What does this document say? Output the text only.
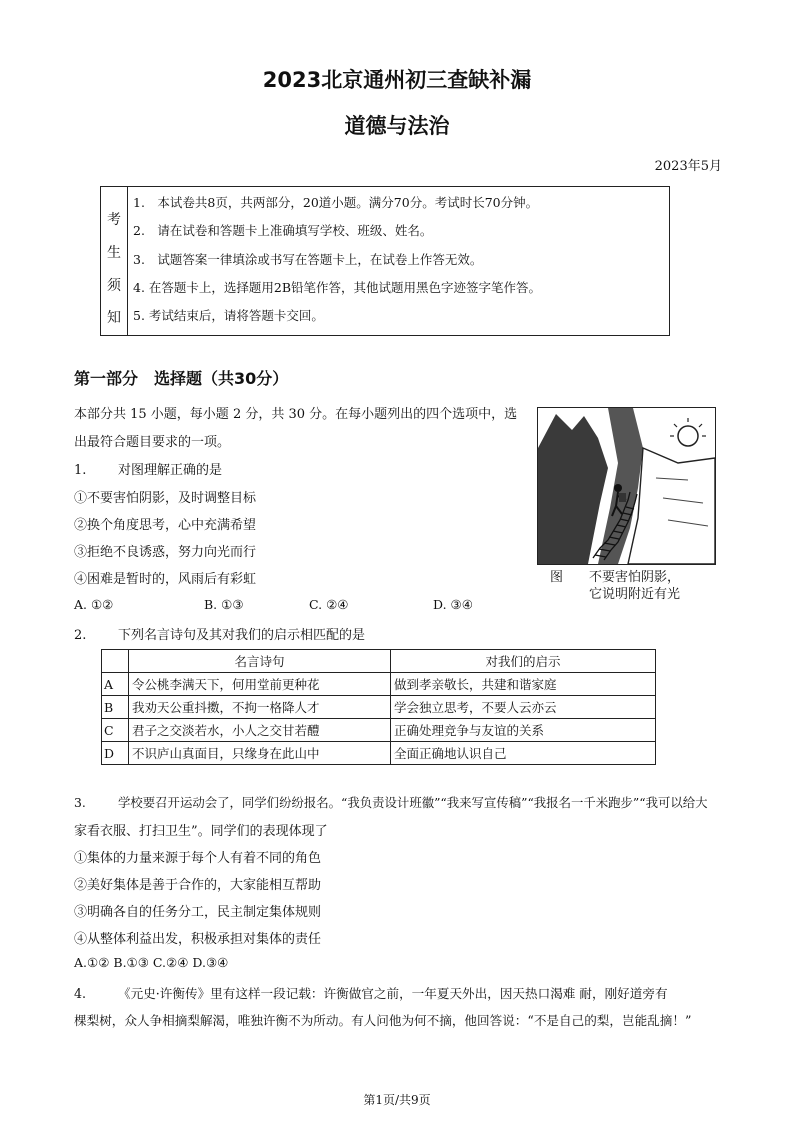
2023北京通州初三查缺补漏
道德与法治
2023年5月
考
生
须
知
1.　本试卷共8页，共两部分，20道小题。满分70分。考试时长70分钟。
2.　请在试卷和答题卡上准确填写学校、班级、姓名。
3.　试题答案一律填涂或书写在答题卡上，在试卷上作答无效。
4. 在答题卡上，选择题用2B铅笔作答，其他试题用黑色字迹签字笔作答。
5. 考试结束后，请将答题卡交回。
第一部分　选择题（共30分）
本部分共 15 小题，每小题 2 分，共 30 分。在每小题列出的四个选项中，选
出最符合题目要求的一项。
图　　不要害怕阴影，
它说明附近有光
1. 对图理解正确的是
①不要害怕阴影，及时调整目标
②换个角度思考，心中充满希望
③拒绝不良诱惑，努力向光而行
④困难是暂时的，风雨后有彩虹
A. ①②	B. ①③	C. ②④	D. ③④
2. 下列名言诗句及其对我们的启示相匹配的是
	名言诗句	对我们的启示
A	令公桃李满天下，何用堂前更种花	做到孝亲敬长，共建和谐家庭
B	我劝天公重抖擞，不拘一格降人才	学会独立思考，不要人云亦云
C	君子之交淡若水，小人之交甘若醴	正确处理竞争与友谊的关系
D	不识庐山真面目，只缘身在此山中	全面正确地认识自己
3.	学校要召开运动会了，同学们纷纷报名。“我负责设计班徽”“我来写宣传稿”“我报名一千米跑步”“我可以给大
家看衣服、打扫卫生”。同学们的表现体现了
①集体的力量来源于每个人有着不同的角色
②美好集体是善于合作的，大家能相互帮助
③明确各自的任务分工，民主制定集体规则
④从整体利益出发，积极承担对集体的责任
A.①② B.①③ C.②④ D.③④
4.	《元史·许衡传》里有这样一段记载：许衡做官之前，一年夏天外出，因天热口渴难 耐，刚好道旁有
棵梨树，众人争相摘梨解渴，唯独许衡不为所动。有人问他为何不摘，他回答说：“不是自己的梨，岂能乱摘！”
第1页/共9页
